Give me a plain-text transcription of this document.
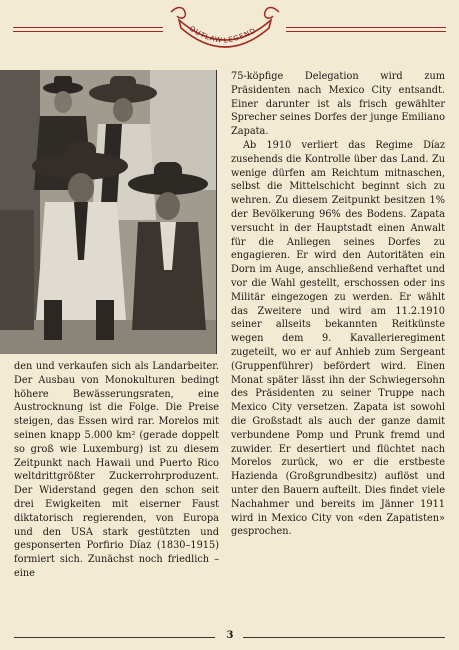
OUTLAW LEGEND

den und verkaufen sich als Landarbeiter. Der Ausbau von Monokulturen bedingt höhere Bewässerungsraten, eine Austrocknung ist die Folge. Die Preise steigen, das Essen wird rar. Morelos mit seinen knapp 5.000 km² (gerade doppelt so groß wie Luxemburg) ist zu diesem Zeitpunkt nach Hawaii und Puerto Rico weltdrittgrößter Zuckerrohrproduzent. Der Widerstand gegen den schon seit drei Ewigkeiten mit eiserner Faust diktatorisch regierenden, von Europa und den USA stark gestützten und gesponserten Porfirio Díaz (1830–1915) formiert sich. Zunächst noch friedlich – eine

75-köpfige Delegation wird zum Präsidenten nach Mexico City entsandt. Einer darunter ist als frisch gewählter Sprecher seines Dorfes der junge Emiliano Zapata.

Ab 1910 verliert das Regime Díaz zusehends die Kontrolle über das Land. Zu wenige dürfen am Reichtum mitnaschen, selbst die Mittelschicht beginnt sich zu wehren. Zu diesem Zeitpunkt besitzen 1% der Bevölkerung 96% des Bodens. Zapata versucht in der Hauptstadt einen Anwalt für die Anliegen seines Dorfes zu engagieren. Er wird den Autoritäten ein Dorn im Auge, anschließend verhaftet und vor die Wahl gestellt, erschossen oder ins Militär eingezogen zu werden. Er wählt das Zweitere und wird am 11.2.1910 seiner allseits bekannten Reitkünste wegen dem 9. Kavallerieregiment zugeteilt, wo er auf Anhieb zum Sergeant (Gruppenführer) befördert wird. Einen Monat später lässt ihn der Schwiegersohn des Präsidenten zu seiner Truppe nach Mexico City versetzen. Zapata ist sowohl die Großstadt als auch der ganze damit verbundene Pomp und Prunk fremd und zuwider. Er desertiert und flüchtet nach Morelos zurück, wo er die erstbeste Hazienda (Großgrundbesitz) auflöst und unter den Bauern aufteilt. Dies findet viele Nachahmer und bereits im Jänner 1911 wird in Mexico City von «den Zapatisten» gesprochen.

3
